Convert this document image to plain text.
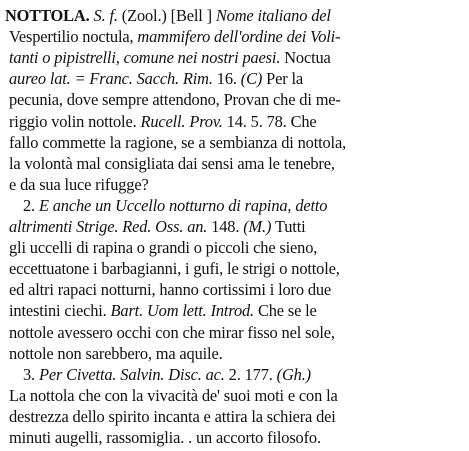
NOTTOLA. S. f. (Zool.) [Bell ] Nome italiano del
Vespertilio noctula, mammifero dell'ordine dei Voli-
tanti o pipistrelli, comune nei nostri paesi. Noctua
aureo lat. = Franc. Sacch. Rim. 16. (C) Per la
pecunia, dove sempre attendono, Provan che di me-
riggio volin nottole. Rucell. Prov. 14. 5. 78. Che
fallo commette la ragione, se a sembianza di nottola,
la volontà mal consigliata dai sensi ama le tenebre,
e da sua luce rifugge?
2. E anche un Uccello notturno di rapina, detto
altrimenti Strige. Red. Oss. an. 148. (M.) Tutti
gli uccelli di rapina o grandi o piccoli che sieno,
eccettuatone i barbagianni, i gufi, le strigi o nottole,
ed altri rapaci notturni, hanno cortissimi i loro due
intestini ciechi. Bart. Uom lett. Introd. Che se le
nottole avessero occhi con che mirar fisso nel sole,
nottole non sarebbero, ma aquile.
3. Per Civetta. Salvin. Disc. ac. 2. 177. (Gh.)
La nottola che con la vivacità de' suoi moti e con la
destrezza dello spirito incanta e attira la schiera dei
minuti augelli, rassomiglia. . un accorto filosofo.
